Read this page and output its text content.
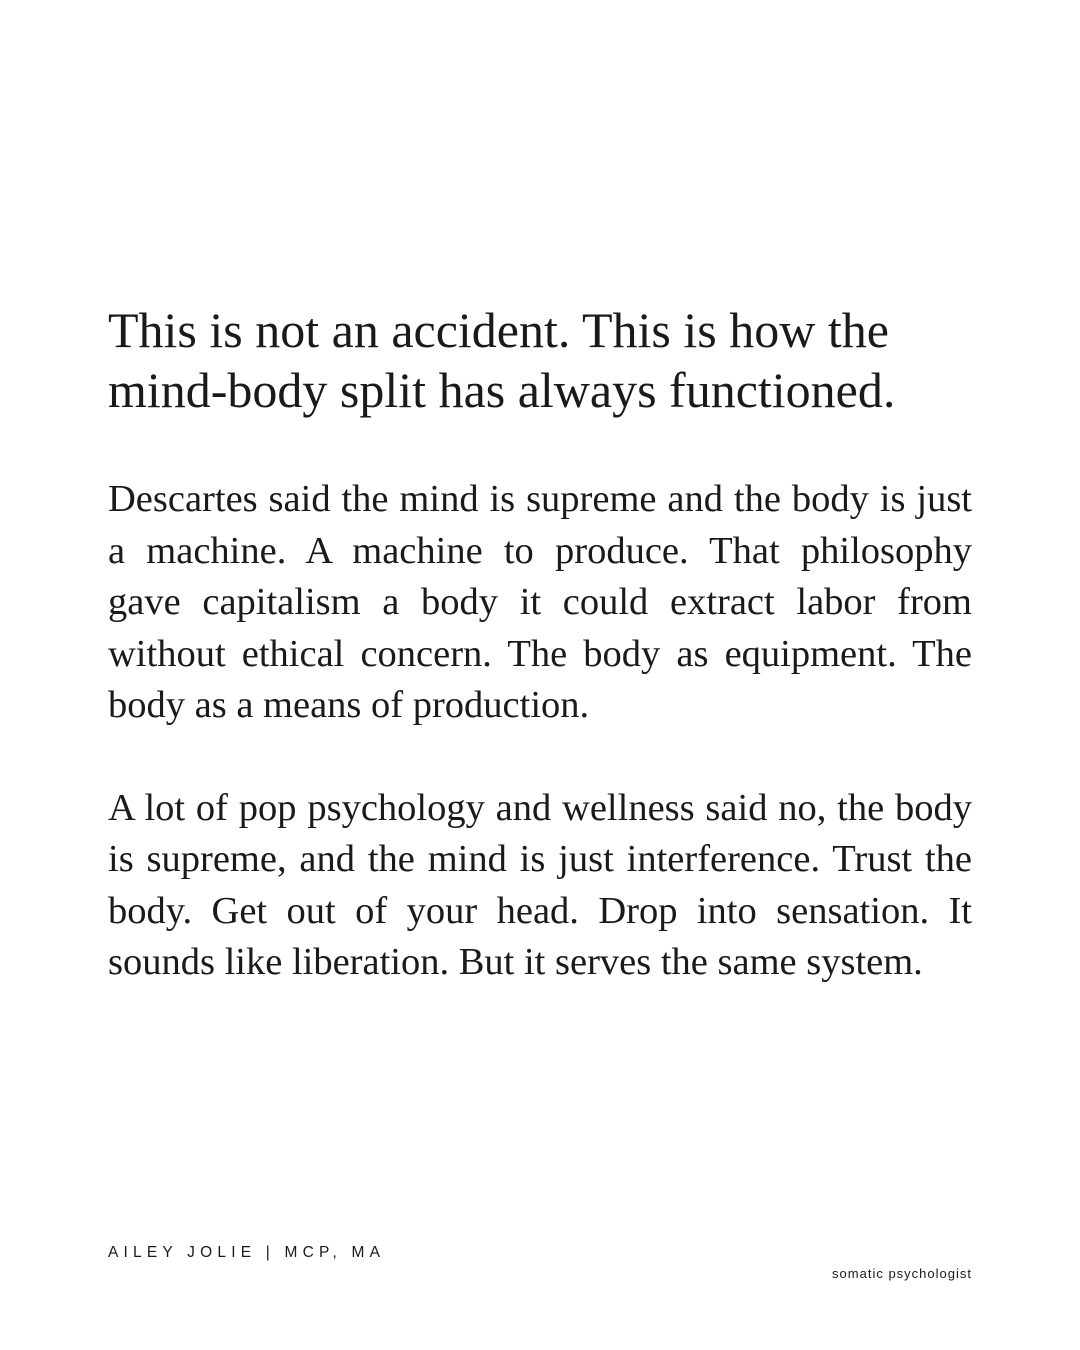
This is not an accident. This is how the mind-body split has always functioned.

Descartes said the mind is supreme and the body is just a machine. A machine to produce. That philosophy gave capitalism a body it could extract labor from without ethical concern. The body as equipment. The body as a means of production.

A lot of pop psychology and wellness said no, the body is supreme, and the mind is just interference. Trust the body. Get out of your head. Drop into sensation. It sounds like liberation. But it serves the same system.

AILEY JOLIE | MCP, MA
somatic psychologist
